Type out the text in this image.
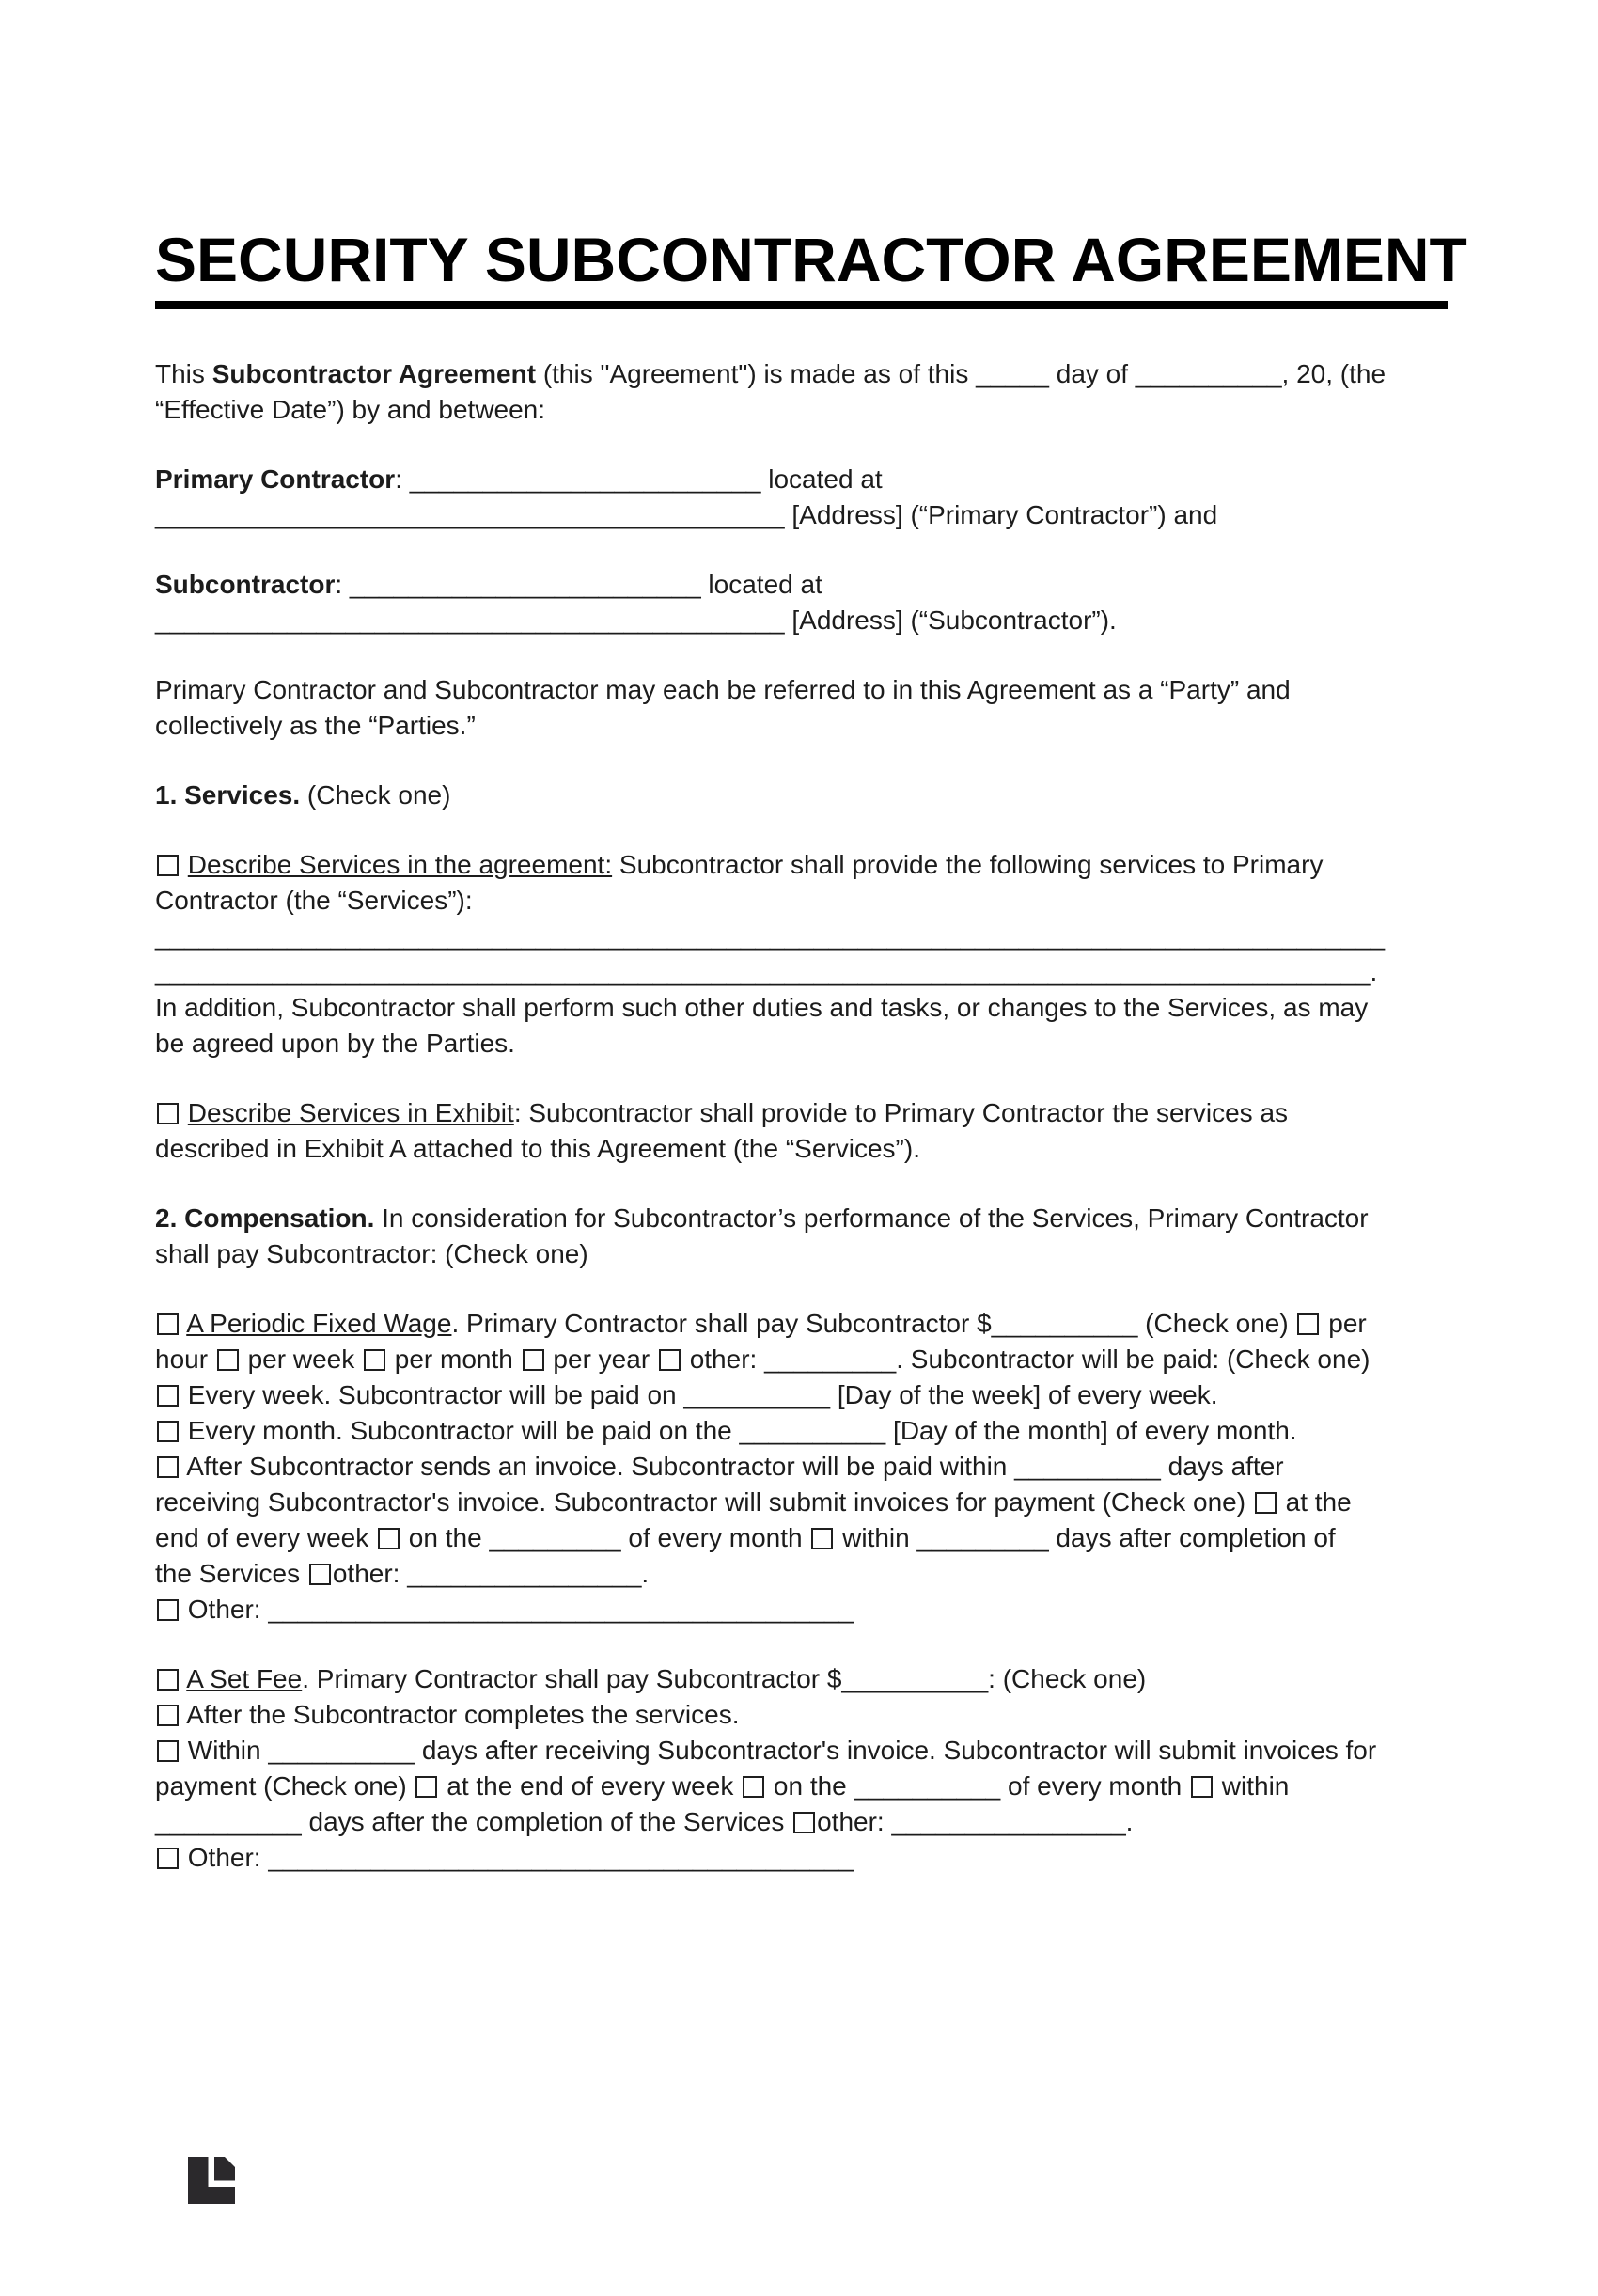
SECURITY SUBCONTRACTOR AGREEMENT
This Subcontractor Agreement (this "Agreement") is made as of this _____ day of __________, 20, (the
“Effective Date”) by and between:
Primary Contractor: ________________________ located at
___________________________________________ [Address] (“Primary Contractor”) and
Subcontractor: ________________________ located at
___________________________________________ [Address] (“Subcontractor”).
Primary Contractor and Subcontractor may each be referred to in this Agreement as a “Party” and
collectively as the “Parties.”
1. Services. (Check one)
Describe Services in the agreement: Subcontractor shall provide the following services to Primary
Contractor (the “Services”):
____________________________________________________________________________________
___________________________________________________________________________________.
In addition, Subcontractor shall perform such other duties and tasks, or changes to the Services, as may
be agreed upon by the Parties.
Describe Services in Exhibit: Subcontractor shall provide to Primary Contractor the services as
described in Exhibit A attached to this Agreement (the “Services”).
2. Compensation. In consideration for Subcontractor’s performance of the Services, Primary Contractor
shall pay Subcontractor: (Check one)
A Periodic Fixed Wage. Primary Contractor shall pay Subcontractor $__________ (Check one)  per
hour  per week  per month  per year  other: _________. Subcontractor will be paid: (Check one)
Every week. Subcontractor will be paid on __________ [Day of the week] of every week.
Every month. Subcontractor will be paid on the __________ [Day of the month] of every month.
After Subcontractor sends an invoice. Subcontractor will be paid within __________ days after
receiving Subcontractor's invoice. Subcontractor will submit invoices for payment (Check one)  at the
end of every week  on the _________ of every month  within _________ days after completion of
the Services other: ________________.
Other: ________________________________________
A Set Fee. Primary Contractor shall pay Subcontractor $__________: (Check one)
After the Subcontractor completes the services.
Within __________ days after receiving Subcontractor's invoice. Subcontractor will submit invoices for
payment (Check one)  at the end of every week  on the __________ of every month  within
__________ days after the completion of the Services other: ________________.
Other: ________________________________________
